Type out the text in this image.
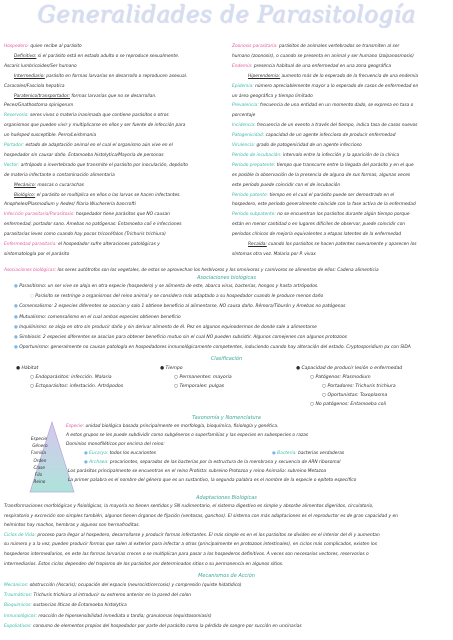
Generalidades de Parasitología
Hospedero: quien recibe al parásito
Definitivo: si el parásito está en estado adulto o se reproduce sexualmente.
Ascaris lumbricoides/Ser humano
Intermediario: parásito en formas larvarias en desarrollo o reproducen asexual.
Caracoles/Fasciola hepatica
Paratenico/transportador: formas larvarias que no se desarrollan.
Peces/Gnathostoma spinigerum
Reservorio: seres vivos o materia inanimada que contiene parásitos o otros
organismos que pueden vivir y multiplicarse en ellos y ser fuente de infección para
un huésped susceptible. Perro/Leishmania
Portador: estado de adaptación animal en el cual el organismo aún vive en el
hospedador sin causar daño. Entamoeba histolytica/Mayoría de personas
Vector: artrópodo o invertebrado que transmite el parásito por inoculación, depósito
de materia infectante o contaminación alimentaria
Mecánico: moscas o cucarachas
Biológico: el parásito se multiplica en ellos o las larvas se hacen infectantes.
Anopheles/Plasmodium y Aedes/ filaria Wuchereria bancrofti
Infección parasitaria/Parasitosis: hospedador tiene parásitos que NO causan
enfermedad, portador sano. Amebas no patógenas: Entamoeba coli e infecciones
parasitarias leves como cuando hay pocos tricocéfalos (Trichuris trichiura)
Enfermedad parasitaria: el hospedador sufre alteraciones patológicas y
sintomatología por el parásito
Zoonosis parasitaria: parásitos de animales vertebrados se transmiten al ser
humano (zoonosis), o cuando se presenta en animal y ser humano (zoipanosmosis)
Endemia: presencia habitual de una enfermedad en una zona geográfica
Hiperendemia: aumento más de lo esperado de la frecuencia de una endemia
Epidemia: número apreciablemente mayor a lo esperado de casos de enfermedad en
un área geográfica y tiempo limitado
Prevalencia: frecuencia de una entidad en un momento dado, se expresa en tasa o
porcentaje
Incidencia: frecuencia de un evento a través del tiempo, indica tasa de casos nuevos
Patogenicidad: capacidad de un agente infeccioso de producir enfermedad
Virulencia: grado de patogenicidad de un agente infeccioso
Período de incubación: intervalo entre la infección y la aparición de la clínica
Período prepatente: tiempo que transcurre entre la llegada del parásito y en el que
es posible la observación de la presencia de alguna de sus formas, algunas veces
este período puede coincidir con el de incubación
Período patente: tiempo en el cual el parásito puede ser demostrado en el
hospedero, este período generalmente coincide con la fase activa de la enfermedad
Período subpatente: no se encuentran los parásitos durante algún tiempo porque
están en menor cantidad o en lugares difíciles de observar, puede coincidir con
períodos clínicos de mejoría equivalentes a etapas latentes de la enfermedad
Recaída: cuando los parásitos se hacen patentes nuevamente y aparecen los
síntomas otra vez. Malaria por P. vivax
Asociaciones biológicas: los seres autótrofos son los vegetales, de estos se aprovechan los herbívoros y los omnívoros y carnívoros se alimentan de ellos: Cadena alimenticia
Asociaciones biológicas
● Parasitismo: un ser vive se aloja en otra especie (hospedero) y se alimenta de este, abarca virus, bacterias, hongos y hasta artrópodos.
○ Parásito se restringe a organismos del reino animal y se considera más adaptado a su hospedador cuando le produce menos daño
● Comensalismo: 2 especies diferentes se asocian y solo 1 obtiene beneficio al alimentarse, NO causa daño. Rémora/Tiburón y Amebas no patógenas
● Mutualismo: comensalismo en el cual ambas especies obtienen beneficio
● Inquilinismo: se aloja en otro sin producir daño y sin derivar alimento de él. Pez en algunos equinodermos de donde sale a alimentarse
● Simbiosis: 2 especies diferentes se asocian para obtener beneficio mutuo sin el cual NO pueden subsistir. Algunos comejenes con algunos protozoos
● Oportunismo: generalmente no causan patología en hospedadores inmunológicamente competentes, induciendo cuando hay alteración del estado. Cryptosporidium px con SIDA
Clasificación
● Hábitat
○ Endoparásitos: infección. Malaria
○ Ectoparásitos: infestación. Artrópodos
● Tiempo
○ Permanentes: mayoría
○ Temporales: pulgas
● Capacidad de producir lesión o enfermedad
○ Patógenos: Plasmodium
○ Portadores: Trichuris trichiura
○ Oportunistas: Toxoplasma
○ No patógenos: Entamoeba coli
Taxonomía y Nomenclatura
Especie
Género
Familia
Orden
Clase
Filo
Reino
Especie: unidad biológica basada principalmente en morfología, bioquímica, fisiología y genética.
A estos grupos se les puede subdividir como subgéneros o superfamilias y las especies en subespecies o razas
Dominios monofiléticos por encima del reino:
● Eucarya: todos los eucariontes	● Bacteria: bacterias verdaderas
● Archaea: procariontes, separados de las bacterias por la estructura de la membrana y secuencia de ARN ribosomal
Los parásitos principalmente se encuentran en el reino Protista: subreino Protozoa y reino Animalia: subreino Metazoa
La primer palabra es el nombre del género que es un sustantivo, la segunda palabra es el nombre de la especie o epíteto específico
Adaptaciones Biológicas
Transformaciones morfológicas y fisiológicas, la mayoría no tienen sentidos y SN rudimentario, el sistema digestivo es simple y absorbe alimentos digeridos, circulatorio,
respiratorio y excreción son simples también, algunos tienen órganos de fijación (ventosas, ganchos). El sistema con más adaptaciones es el reproductor es de gran capacidad y en
helmintos hay machos, hembras y algunos son hermafroditas.
Ciclos de Vida: proceso para llegar al hospedero, desarrollarse y producir formas infectantes. El más simple es en el los parásitos se dividen en el interior del él y aumentan
su número y a la vez, pueden producir formas que salen al exterior para infectar a otros (principalmente en protozoos intestinales), en ciclos más complicados, existen los
hospederos intermediarios, en este las formas larvarias crecen o se multiplican para pasar a los hospederos definitivos. A veces son necesarios vectores, reservorios o
intermediarios. Estos ciclos dependen del tropismo de los parásitos por determinados sitios o su permanencia en algunos sitios.
Mecanismos de Acción
Mecánicos: obstrucción (Ascaris); ocupación del espacio (neurocisticercosis) y compresión (quiste hidatídico)
Traumáticos: Trichuris trichiura al introducir su extremo anterior en la pared del colon
Bioquímicos: sustancias líticas de Entamoeba histolytica
Inmunológicos: reacción de hipersensibilidad inmediata o tardía; granulomas (equistosomiasis)
Expoliativos: consumo de elementos propios del hospedador por parte del parásito como la pérdida de sangre por succión en uncinarias
